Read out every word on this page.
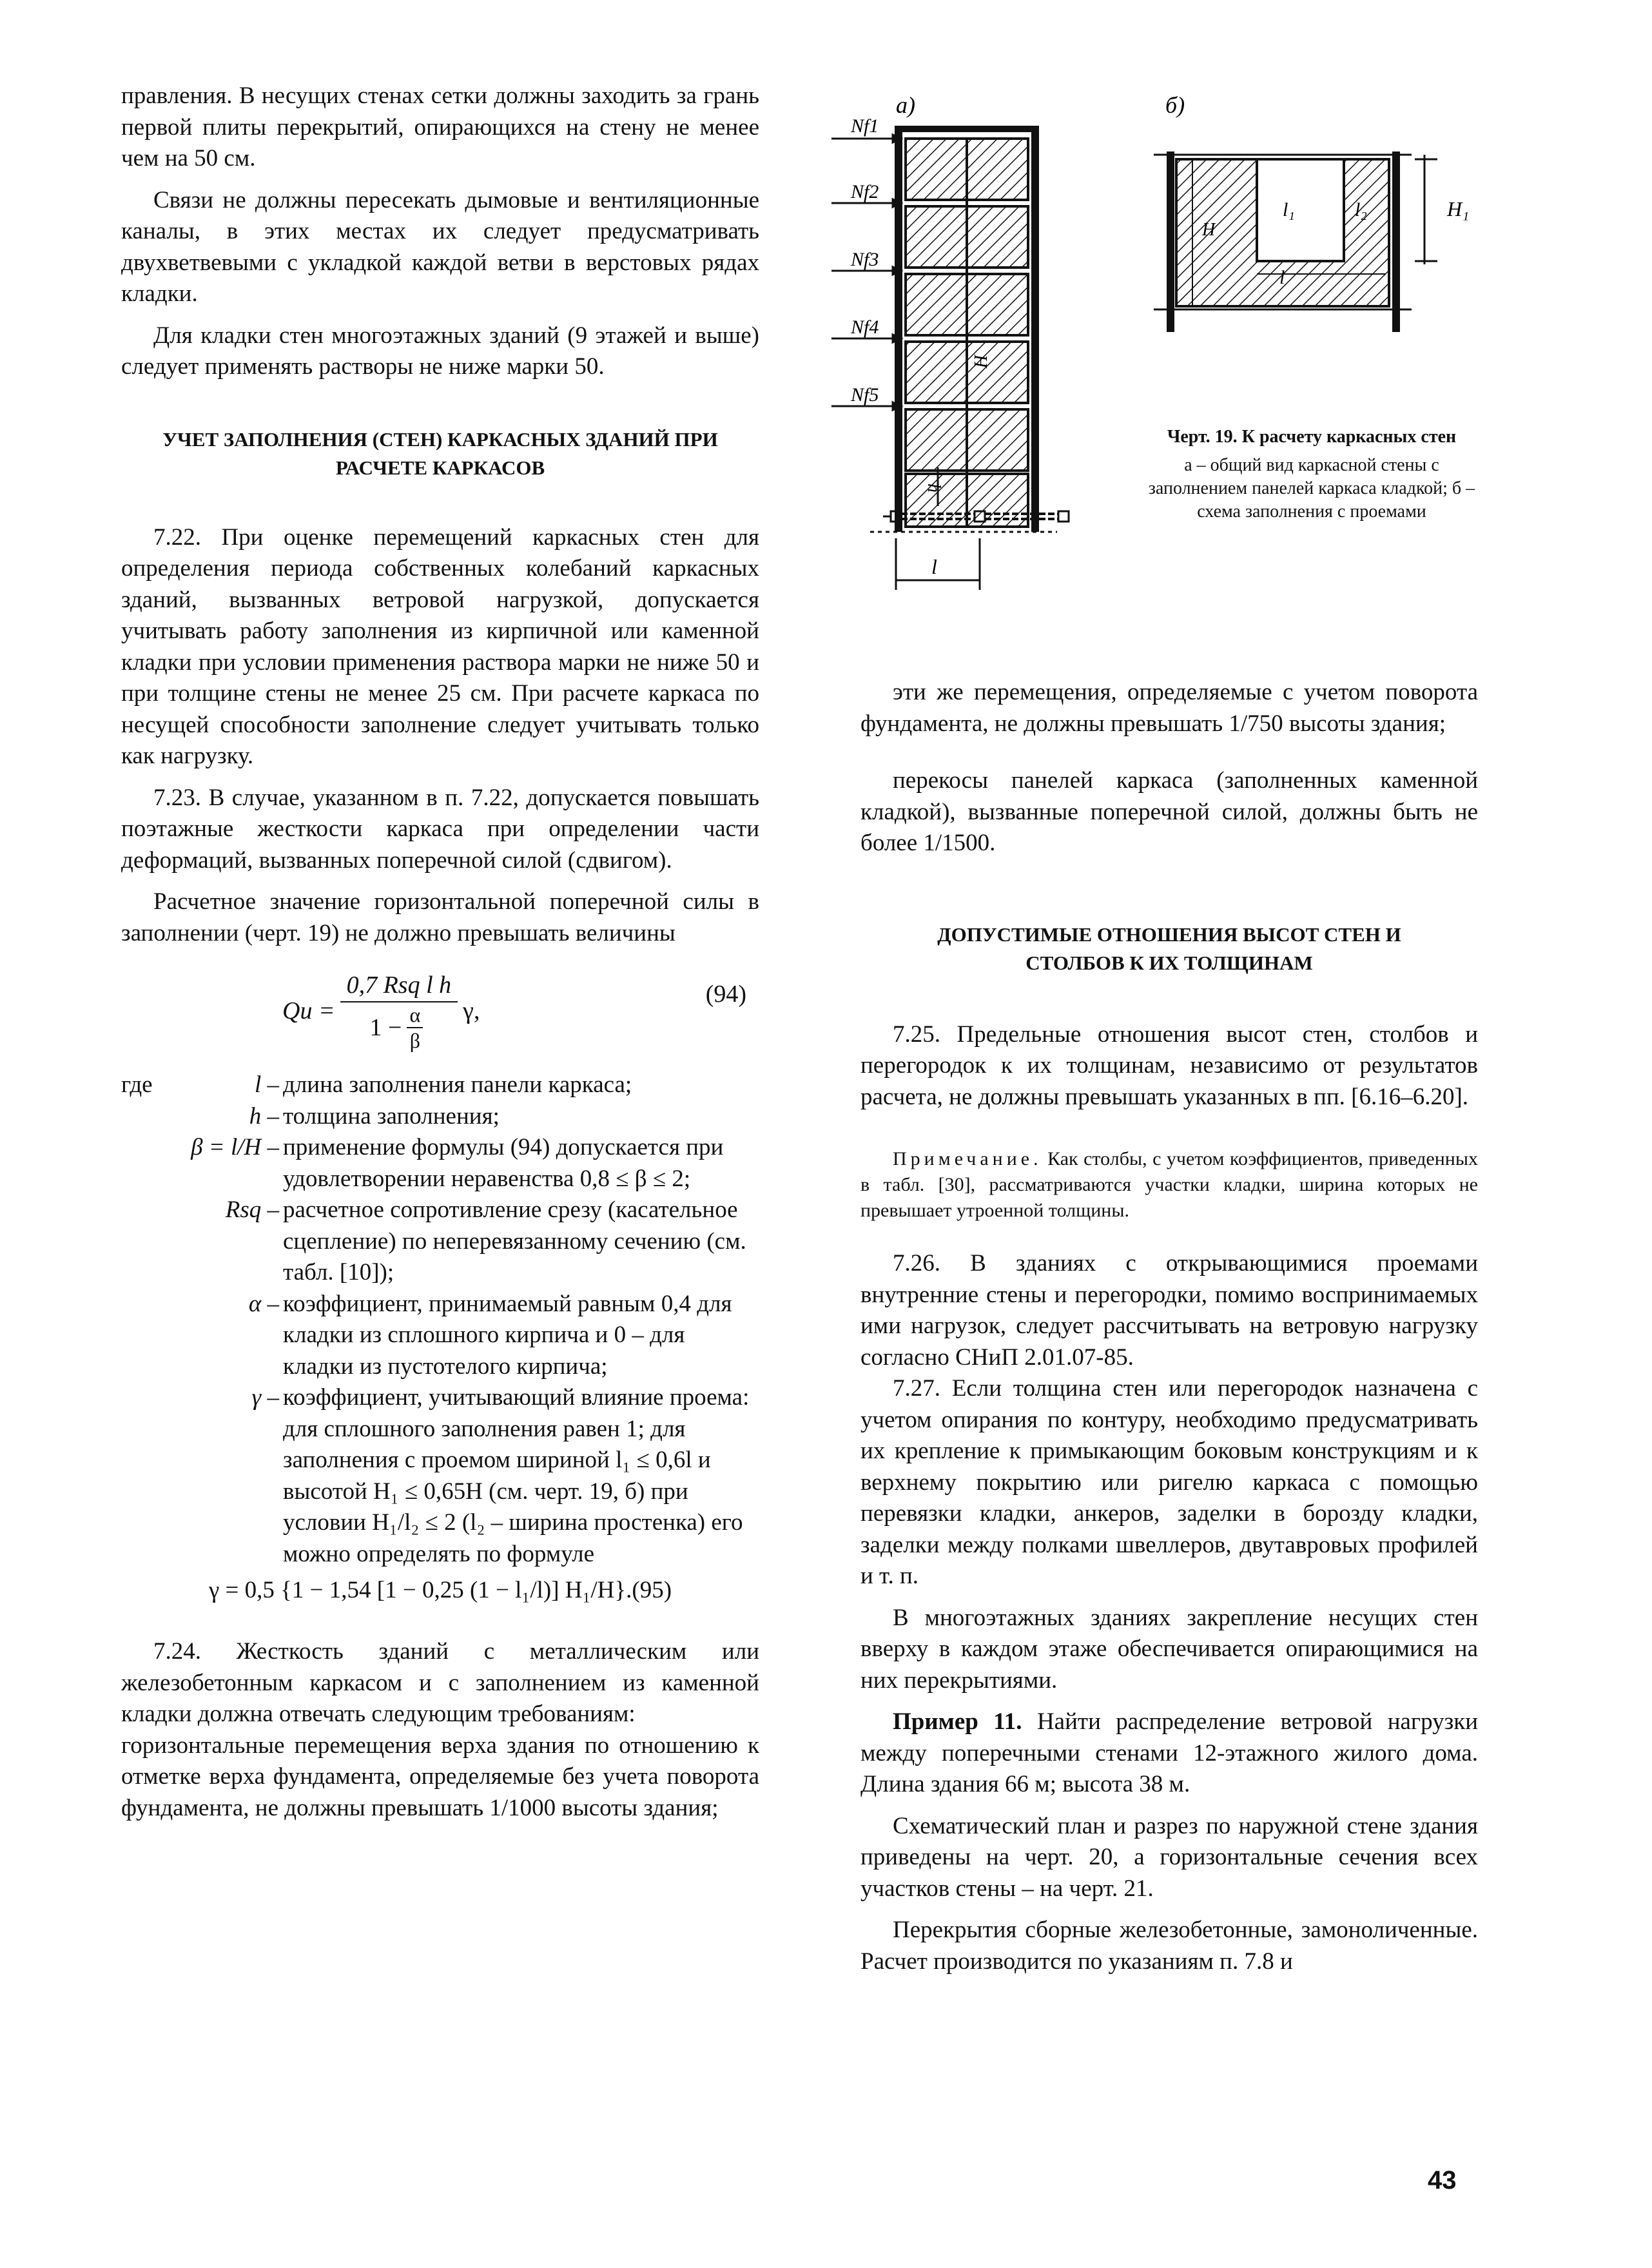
правления. В несущих стенах сетки должны заходить за грань первой плиты перекрытий, опирающихся на стену не менее чем на 50 см.

Связи не должны пересекать дымовые и вентиляционные каналы, в этих местах их следует предусматривать двухветвевыми с укладкой каждой ветви в верстовых рядах кладки.

Для кладки стен многоэтажных зданий (9 этажей и выше) следует применять растворы не ниже марки 50.

УЧЕТ ЗАПОЛНЕНИЯ (СТЕН) КАРКАСНЫХ ЗДАНИЙ ПРИ РАСЧЕТЕ КАРКАСОВ

7.22. При оценке перемещений каркасных стен для определения периода собственных колебаний каркасных зданий, вызванных ветровой нагрузкой, допускается учитывать работу заполнения из кирпичной или каменной кладки при условии применения раствора марки не ниже 50 и при толщине стены не менее 25 см. При расчете каркаса по несущей способности заполнение следует учитывать только как нагрузку.

7.23. В случае, указанном в п. 7.22, допускается повышать поэтажные жесткости каркаса при определении части деформаций, вызванных поперечной силой (сдвигом).

Расчетное значение горизонтальной поперечной силы в заполнении (черт. 19) не должно превышать величины

$Qu = \frac{\text{0,7 Rsq l h}}{1 - \frac{\alpha}{\beta}} \gamma$,
(94)
где	l – длина заполнения панели каркаса;
h – толщина заполнения;
β = l/H – применение формулы (94) допускается при удовлетворении неравенства 0,8 ≤ β ≤ 2;
Rsq – расчетное сопротивление срезу (касательное сцепление) по неперевязанному сечению (см. табл. [10]);
α – коэффициент, принимаемый равным 0,4 для кладки из сплошного кирпича и 0 – для кладки из пустотелого кирпича;
γ – коэффициент, учитывающий влияние проема: для сплошного заполнения равен 1; для заполнения с проемом шириной l₁ ≤ 0,6l и высотой H₁ ≤ 0,65H (см. черт. 19, б) при условии H₁/l₂ ≤ 2 (l₂ – ширина простенка) его можно определять по формуле

γ = 0,5 {1 − 1,54 [1 − 0,25 (1 − l₁/l)] H₁/H}.(95)

7.24. Жесткость зданий с металлическим или железобетонным каркасом и с заполнением из каменной кладки должна отвечать следующим требованиям:

горизонтальные перемещения верха здания по отношению к отметке верха фундамента, определяемые без учета поворота фундамента, не должны превышать 1/1000 высоты здания;

а)
Nf1
Nf2
Nf3
Nf4
Nf5
H
h
l
б)
H
l₁	l₂
l
H₁
Черт. 19. К расчету каркасных стен
а – общий вид каркасной стены с заполнением панелей каркаса кладкой; б – схема заполнения с проемами

эти же перемещения, определяемые с учетом поворота фундамента, не должны превышать 1/750 высоты здания;

перекосы панелей каркаса (заполненных каменной кладкой), вызванные поперечной силой, должны быть не более 1/1500.

ДОПУСТИМЫЕ ОТНОШЕНИЯ ВЫСОТ СТЕН И СТОЛБОВ К ИХ ТОЛЩИНАМ

7.25. Предельные отношения высот стен, столбов и перегородок к их толщинам, независимо от результатов расчета, не должны превышать указанных в пп. [6.16–6.20].

Примечание. Как столбы, с учетом коэффициентов, приведенных в табл. [30], рассматриваются участки кладки, ширина которых не превышает утроенной толщины.

7.26. В зданиях с открывающимися проемами внутренние стены и перегородки, помимо воспринимаемых ими нагрузок, следует рассчитывать на ветровую нагрузку согласно СНиП 2.01.07-85.

7.27. Если толщина стен или перегородок назначена с учетом опирания по контуру, необходимо предусматривать их крепление к примыкающим боковым конструкциям и к верхнему покрытию или ригелю каркаса с помощью перевязки кладки, анкеров, заделки в борозду кладки, заделки между полками швеллеров, двутавровых профилей и т. п.

В многоэтажных зданиях закрепление несущих стен вверху в каждом этаже обеспечивается опирающимися на них перекрытиями.

Пример 11. Найти распределение ветровой нагрузки между поперечными стенами 12-этажного жилого дома. Длина здания 66 м; высота 38 м.

Схематический план и разрез по наружной стене здания приведены на черт. 20, а горизонтальные сечения всех участков стены – на черт. 21.

Перекрытия сборные железобетонные, замоноличенные. Расчет производится по указаниям п. 7.8 и

43
